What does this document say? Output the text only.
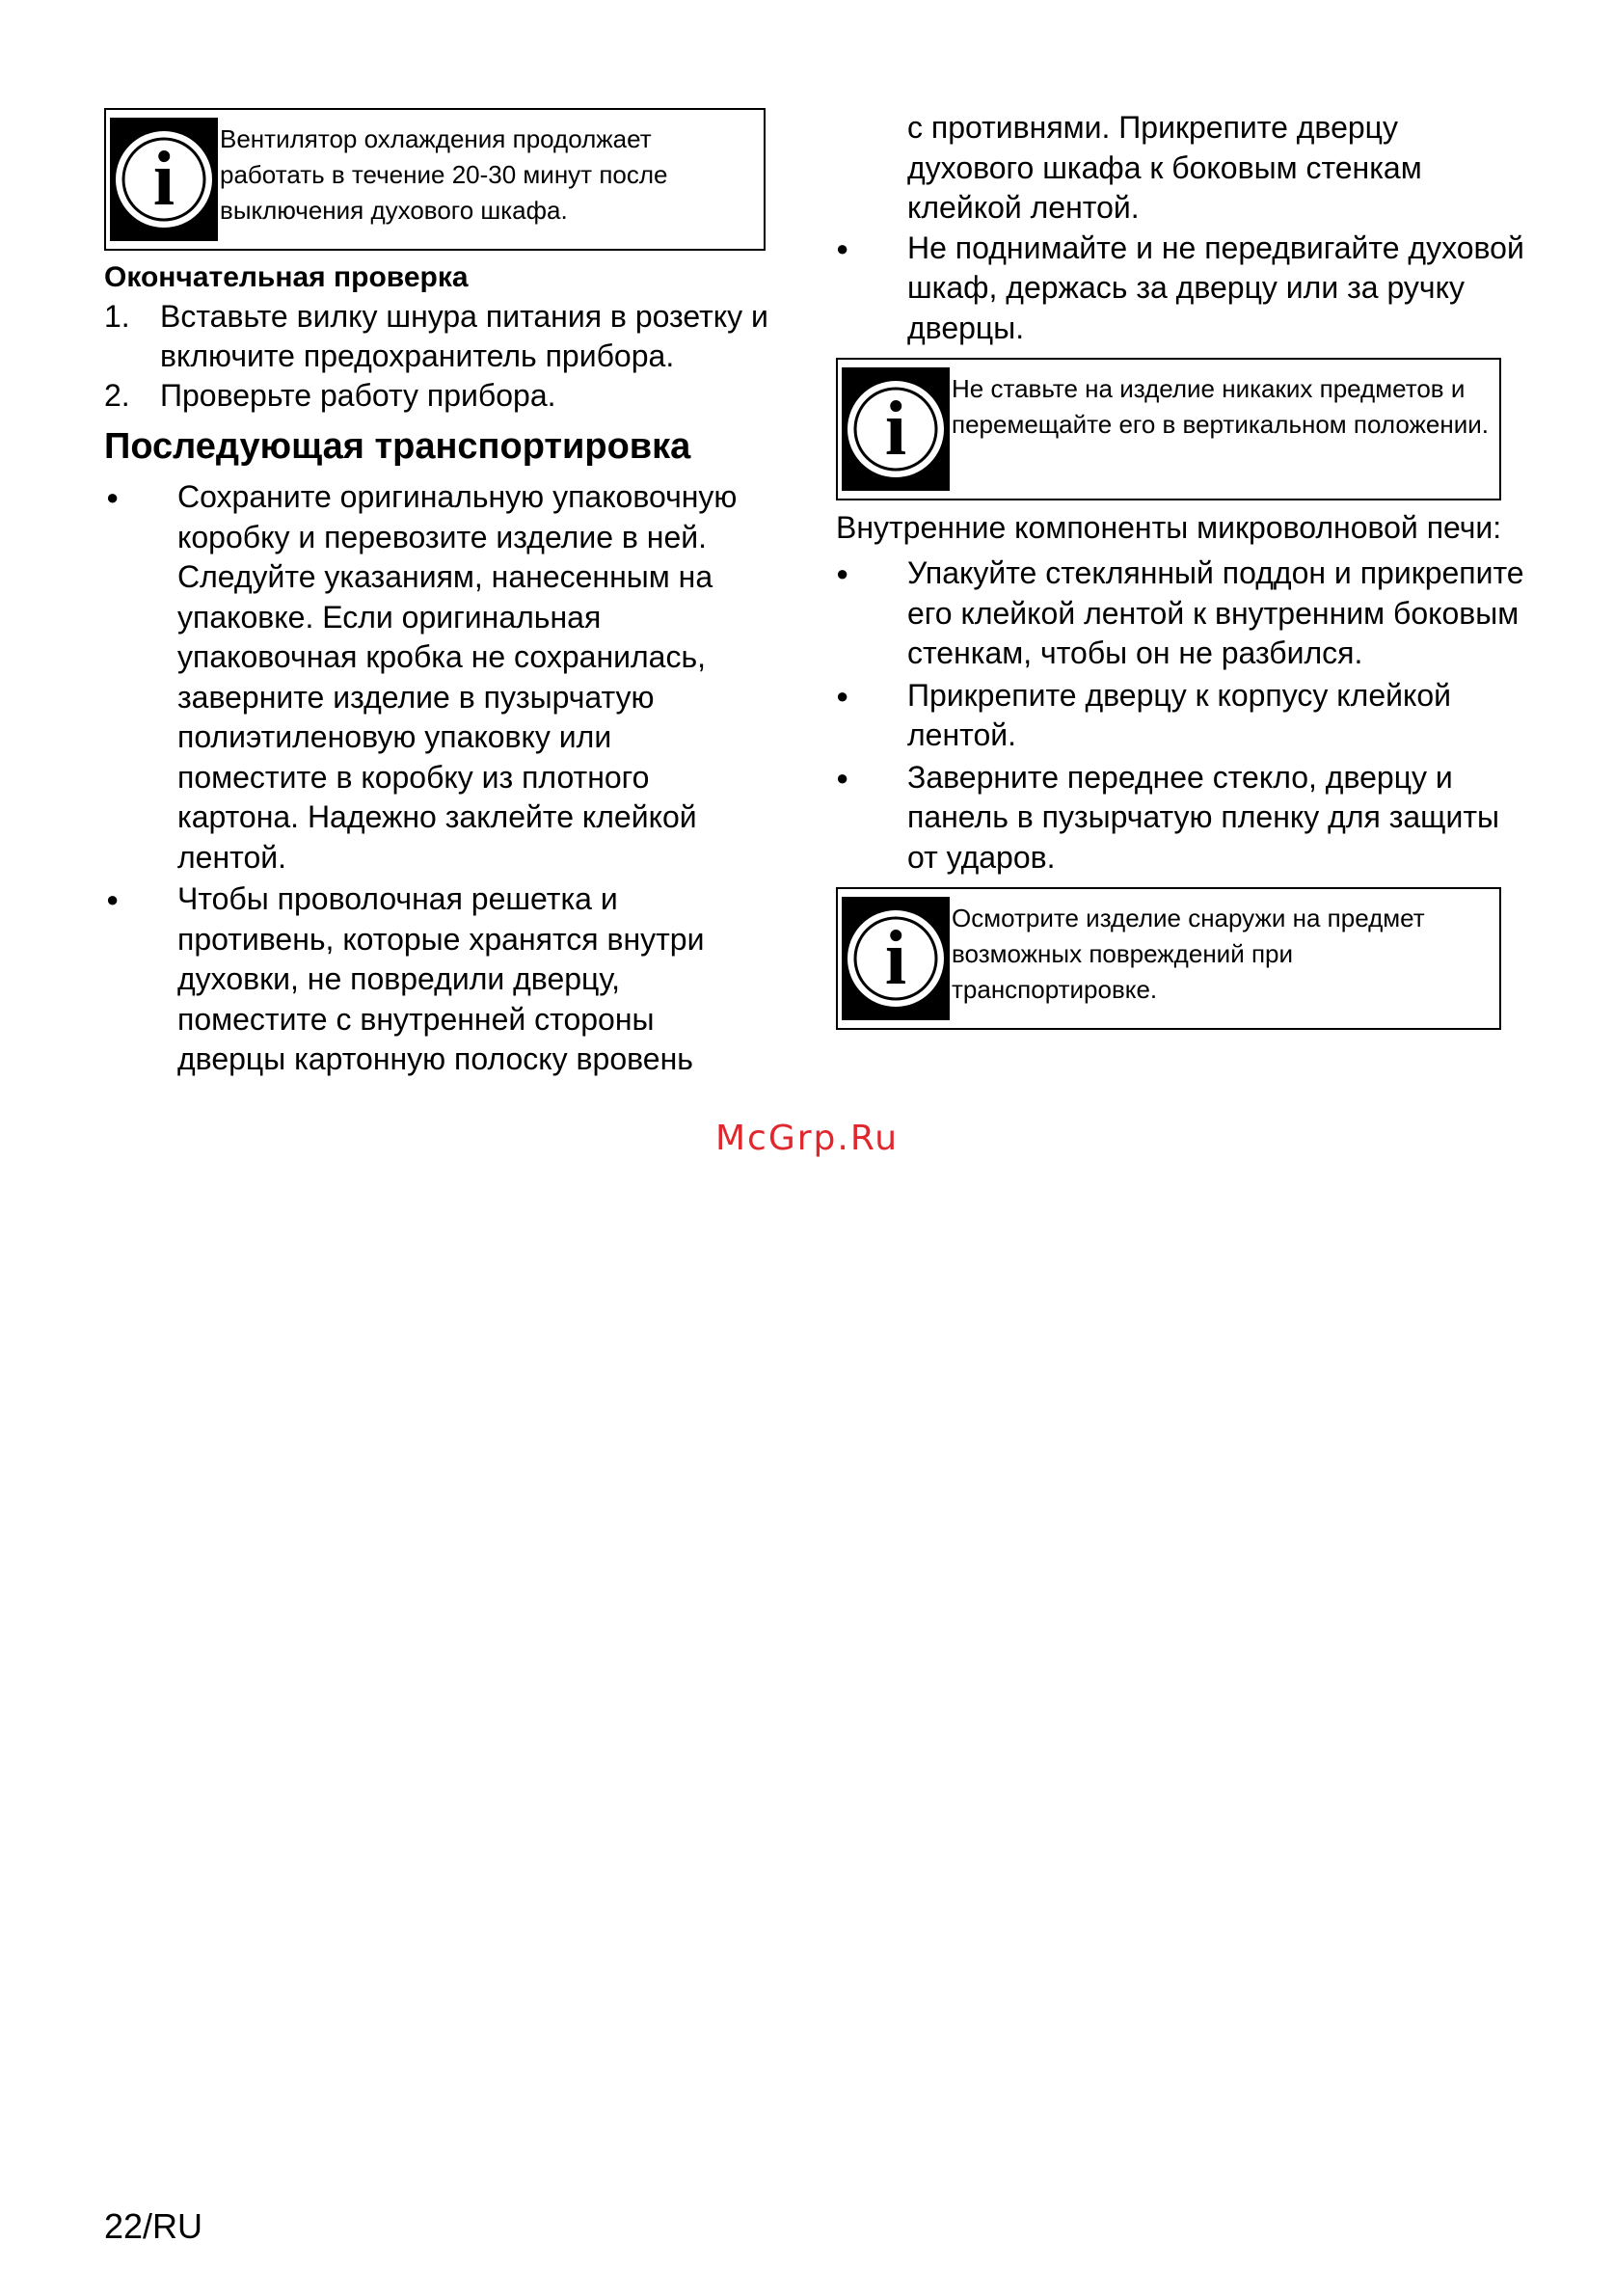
i Вентилятор охлаждения продолжает работать в течение 20-30 минут после выключения духового шкафа.
Окончательная проверка
1. Вставьте вилку шнура питания в розетку и включите предохранитель прибора.
2. Проверьте работу прибора.
Последующая транспортировка
●	Сохраните оригинальную упаковочную коробку и перевозите изделие в ней. Следуйте указаниям, нанесенным на упаковке. Если оригинальная упаковочная кробка не сохранилась, заверните изделие в пузырчатую полиэтиленовую упаковку или поместите в коробку из плотного картона. Надежно заклейте клейкой лентой.
●	Чтобы проволочная решетка и противень, которые хранятся внутри духовки, не повредили дверцу, поместите с внутренней стороны дверцы картонную полоску вровень

с противнями. Прикрепите дверцу духового шкафа к боковым стенкам клейкой лентой.

●	Не поднимайте и не передвигайте духовой шкаф, держась за дверцу или за ручку дверцы.
i Не ставьте на изделие никаких предметов и перемещайте его в вертикальном положении.
Внутренние компоненты микроволновой печи:
●	Упакуйте стеклянный поддон и прикрепите его клейкой лентой к внутренним боковым стенкам, чтобы он не разбился.
●	Прикрепите дверцу к корпусу клейкой лентой.
●	Заверните переднее стекло, дверцу и панель в пузырчатую пленку для защиты от ударов.
i Осмотрите изделие снаружи на предмет возможных повреждений при транспортировке.
McGrp.Ru
22/RU
